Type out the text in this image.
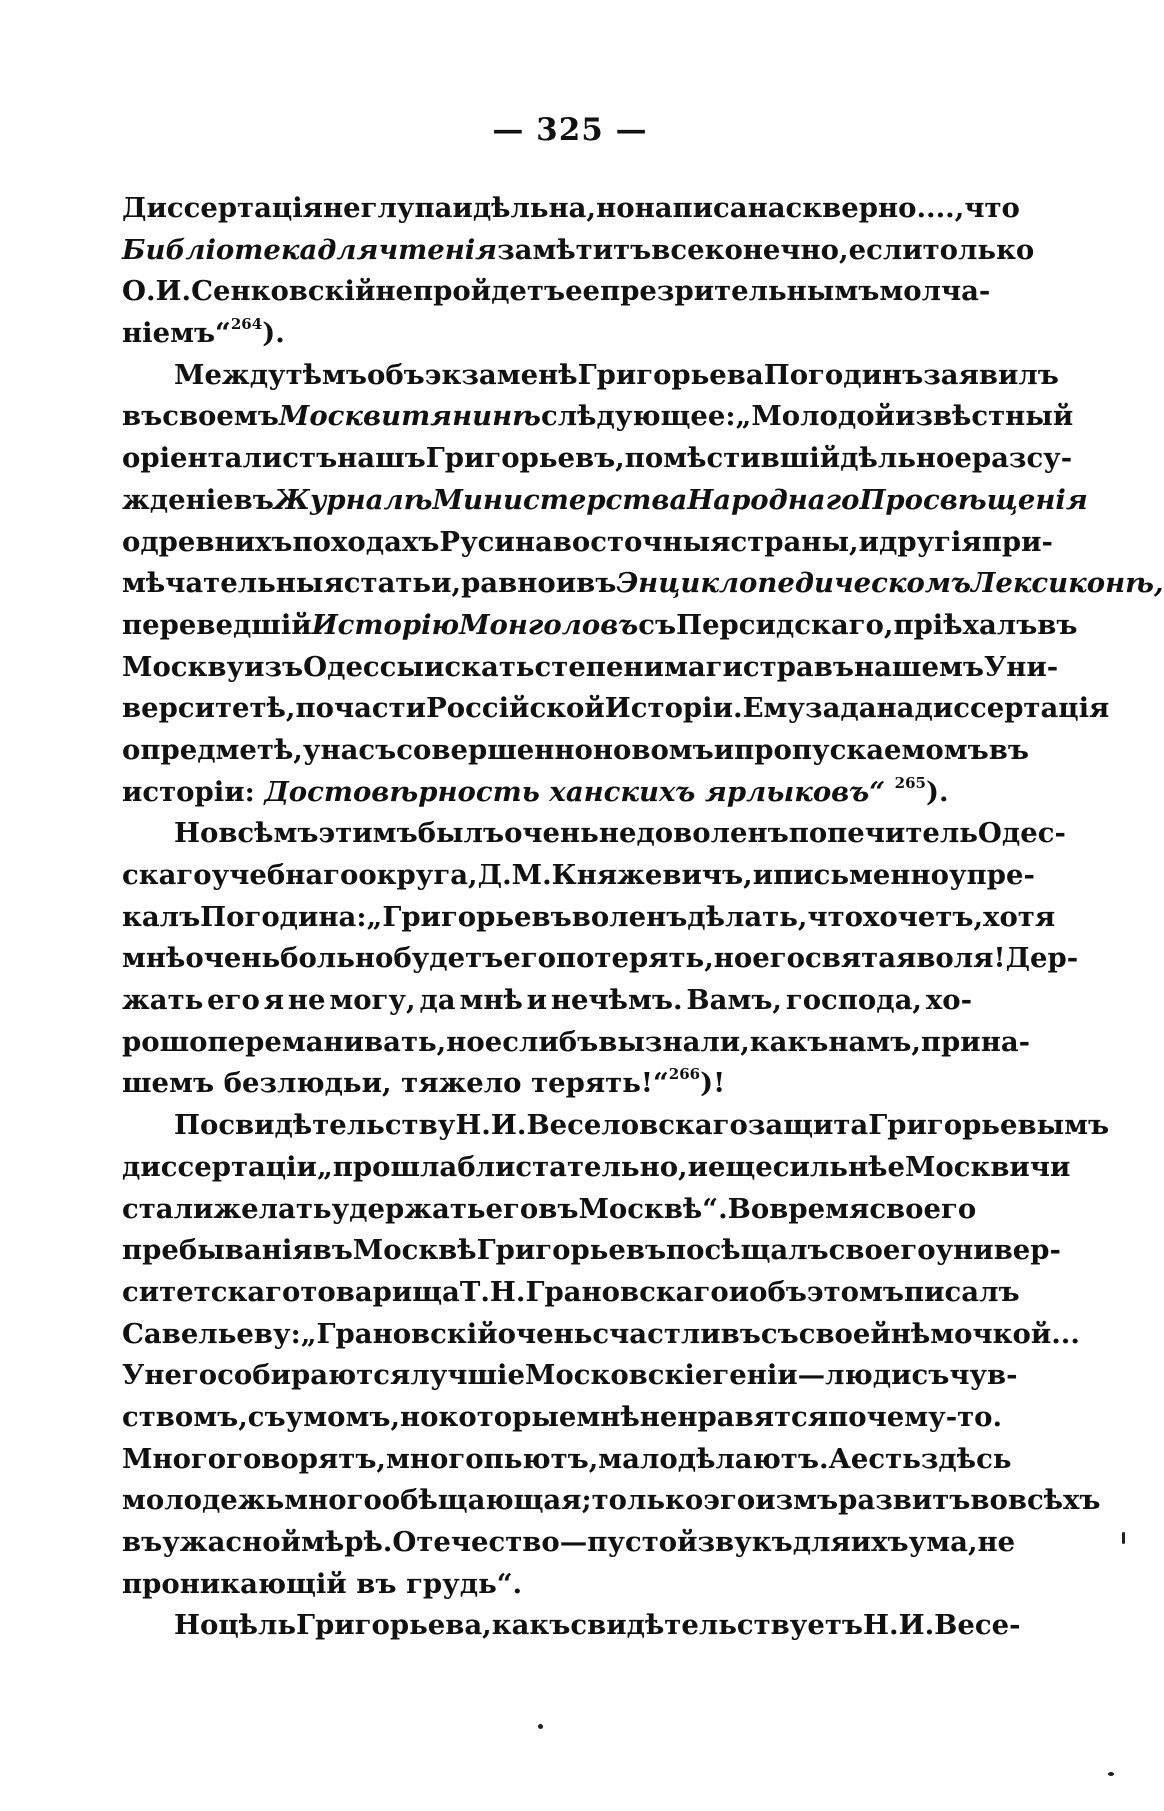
— 325 —
Диссертація не глупа и дѣльна, но написана скверно...., что
Библіотека для чтенія замѣтитъ всеконечно, если только
О. И. Сенковскій не пройдетъ ее презрительнымъ молча-
ніемъ“$^{264}$).
Между тѣмъ объ экзаменѣ Григорьева Погодинъ заявилъ
въ своемъ Москвитянинѣ слѣдующее: „Молодой извѣстный
оріенталистъ нашъ Григорьевъ, помѣстившій дѣльное разсу-
жденіе въ Журналѣ Министерства Народнаго Просвѣщенія
о древнихъ походахъ Руси на восточныя страны, и другія при-
мѣчательныя статьи, равно и въ Энциклопедическомъ Лексиконѣ,
переведшій Исторію Монголовъ съ Персидскаго, пріѣхалъ въ
Москву изъ Одессы искать степени магистра въ нашемъ Уни-
верситетѣ, по части Россійской Исторіи. Ему задана диссертація
о предметѣ, у насъ совершенно новомъ и пропускаемомъ въ
исторіи: Достовѣрность ханскихъ ярлыковъ“ $^{265}$).
Но всѣмъ этимъ былъ очень недоволенъ попечитель Одес-
скаго учебнаго округа, Д. М. Княжевичъ, и письменно упре-
калъ Погодина: „Григорьевъ воленъ дѣлать, что хочетъ, хотя
мнѣ очень больно будетъ его потерять, но его святая воля! Дер-
жать его я не могу, да мнѣ и нечѣмъ. Вамъ, господа, хо-
рошо переманивать, но еслибъ вы знали, какъ намъ, при на-
шемъ безлюдьи, тяжело терять!“$^{266}$)!
По свидѣтельству Н. И. Веселовскаго защита Григорьевымъ
диссертаціи „прошла блистательно, и еще сильнѣе Москвичи
стали желать удержать его въ Москвѣ“. Во время своего
пребыванія въ Москвѣ Григорьевъ посѣщалъ своего универ-
ситетскаго товарища Т. Н. Грановскаго и объ этомъ писалъ
Савельеву: „Грановскій очень счастливъ съ своей нѣмочкой...
У него собираются лучшіе Московскіе геніи—люди съ чув-
ствомъ, съ умомъ, но которые мнѣ не нравятся почему-то.
Много говорятъ, много пьютъ, мало дѣлаютъ. А есть здѣсь
молодежь многообѣщающая; только эгоизмъ развитъ во всѣхъ
въ ужасной мѣрѣ. Отечество—пустой звукъ для ихъ ума, не
проникающій въ грудь“.
Но цѣль Григорьева, какъ свидѣтельствуетъ Н. И. Весе-
